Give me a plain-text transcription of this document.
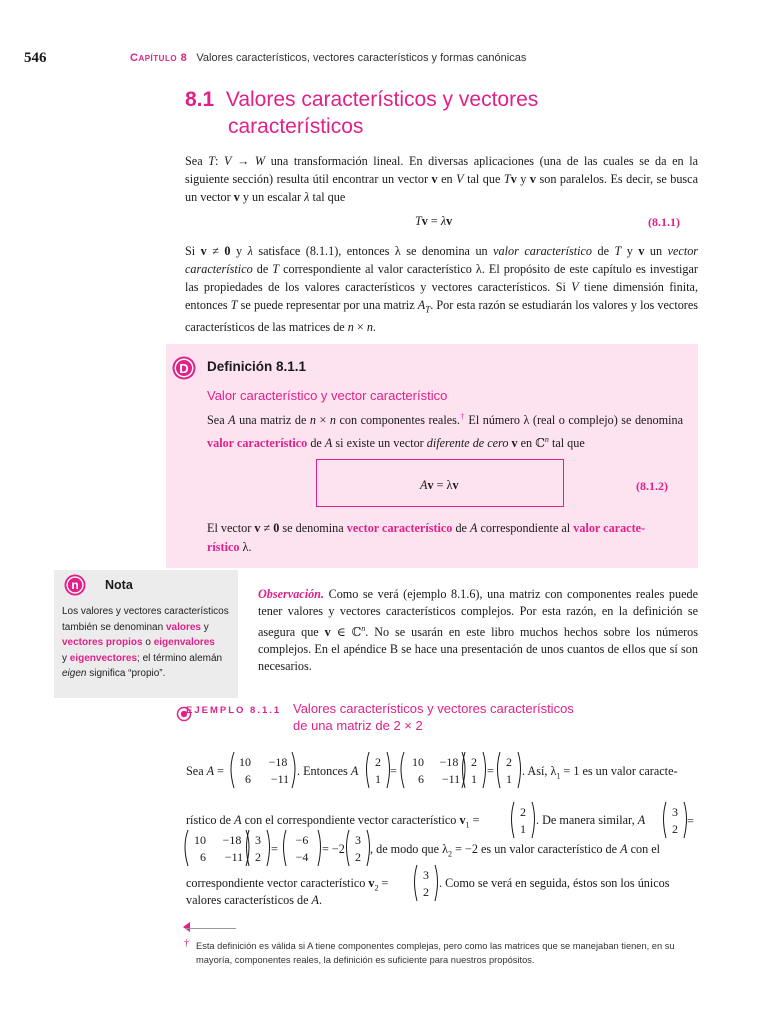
546	Capítulo 8 Valores característicos, vectores característicos y formas canónicas
8.1 Valores característicos y vectores
característicos
Sea T: V → W una transformación lineal. En diversas aplicaciones (una de las cuales se da en la siguiente sección) resulta útil encontrar un vector v en V tal que Tv y v son paralelos. Es decir, se busca un vector v y un escalar λ tal que
Tv = λv	(8.1.1)
Si v ≠ 0 y λ satisface (8.1.1), entonces λ se denomina un valor característico de T y v un vector característico de T correspondiente al valor característico λ. El propósito de este capítulo es investigar las propiedades de los valores característicos y vectores característicos. Si V tiene dimensión finita, entonces T se puede representar por una matriz $A_T$. Por esta razón se estudiarán los valores y los vectores característicos de las matrices de n × n.
D Definición 8.1.1
Valor característico y vector característico
Sea A una matriz de n × n con componentes reales.† El número λ (real o complejo) se denomina valor característico de A si existe un vector diferente de cero v en ℂ$^n$ tal que
Av = λv	(8.1.2)
El vector v ≠ 0 se denomina vector característico de A correspondiente al valor caracte-
rístico λ.
n Nota
Los valores y vectores característicos
también se denominan valores y
vectores propios o eigenvalores
y eigenvectores; el término alemán
eigen significa “propio”.
Observación. Como se verá (ejemplo 8.1.6), una matriz con componentes reales puede tener valores y vectores característicos complejos. Por esta razón, en la definición se asegura que v ∈ ℂ$^n$. No se usarán en este libro muchos hechos sobre los números complejos. En el apéndice B se hace una presentación de unos cuantos de ellos que sí son necesarios.
EJEMPLO 8.1.1 Valores característicos y vectores característicos
de una matriz de 2 × 2
10 −18
6 −11
2
1
10 −18
6 −11
2
1
2
1
2
1
3
2
10 −18
6 −11
3
2
−6
−4
3
2
3
2
=	=
=
=	= −2
Sea A =	. Entonces A	. Así, $\lambda_1 = 1$ es un valor caracte-
rístico de A con el correspondiente vector característico $v_1$ =	. De manera similar, A
, de modo que $\lambda_2 = -2$ es un valor característico de A con el
correspondiente vector característico $v_2$ =	. Como se verá en seguida, éstos son los únicos
valores característicos de A.
† Esta definición es válida si A tiene componentes complejas, pero como las matrices que se manejaban tienen, en su mayoría, componentes reales, la definición es suficiente para nuestros propósitos.
